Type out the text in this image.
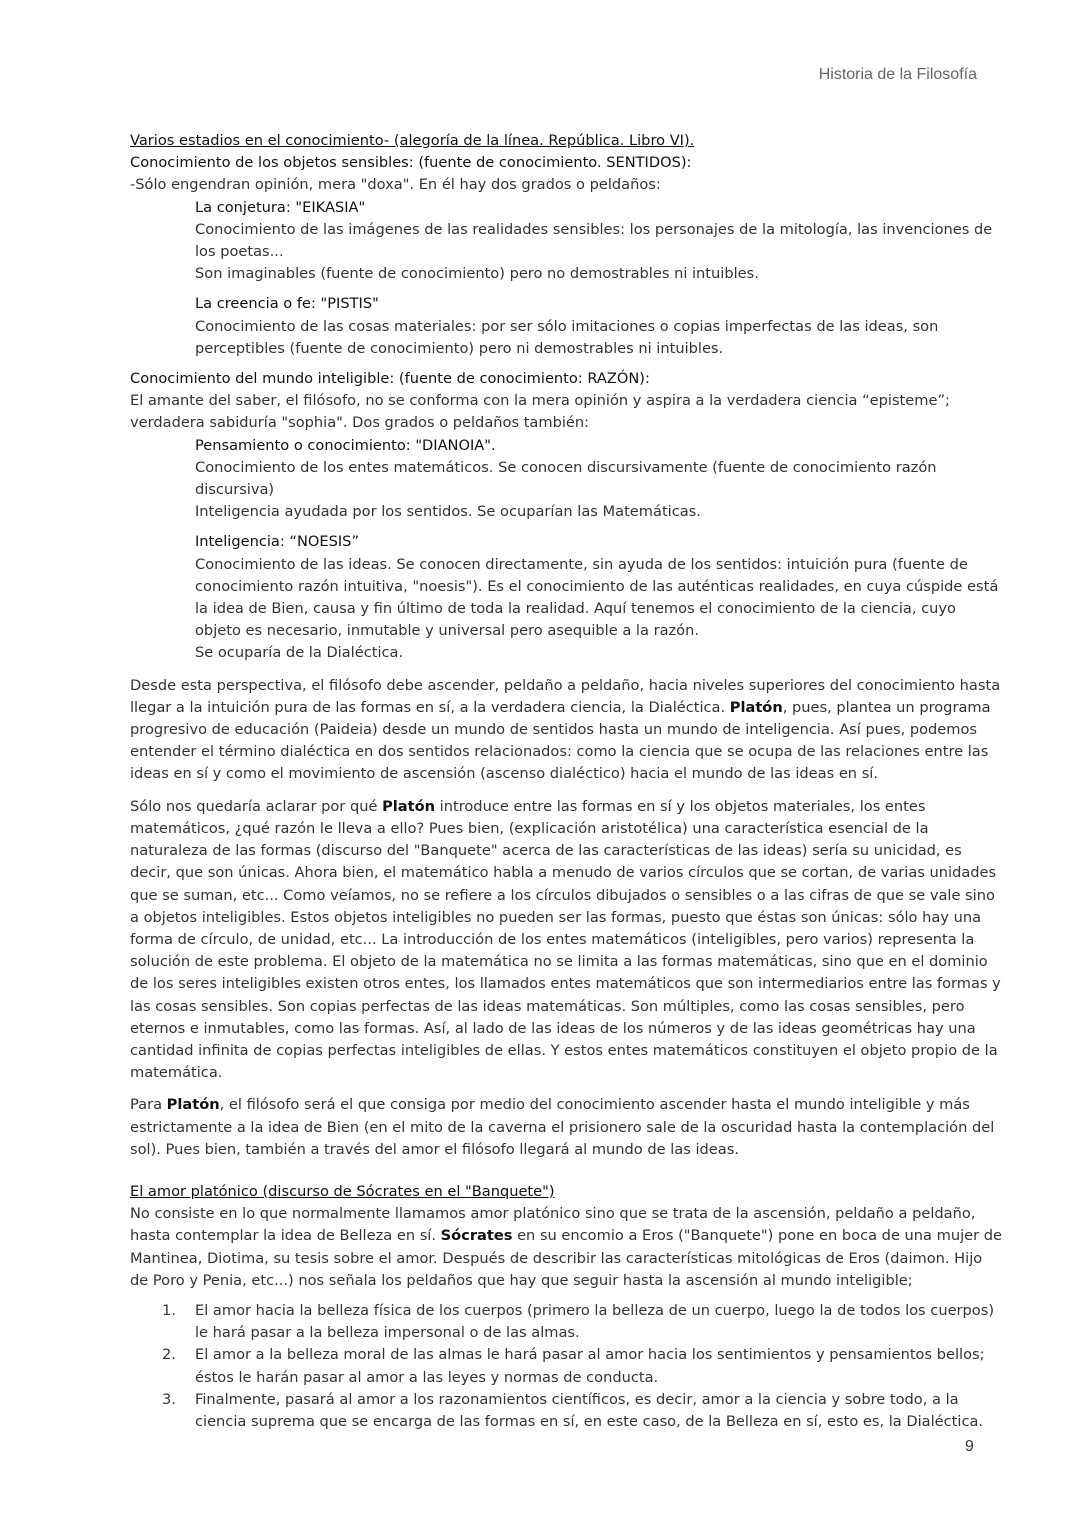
Historia de la Filosofía
Varios estadios en el conocimiento- (alegoría de la línea. República. Libro VI).
Conocimiento de los objetos sensibles: (fuente de conocimiento. SENTIDOS):
-Sólo engendran opinión, mera "doxa". En él hay dos grados o peldaños:
La conjetura: "EIKASIA"
Conocimiento de las imágenes de las realidades sensibles: los personajes de la mitología, las invenciones de los poetas...
Son imaginables (fuente de conocimiento) pero no demostrables ni intuibles.
La creencia o fe: "PISTIS"
Conocimiento de las cosas materiales: por ser sólo imitaciones o copias imperfectas de las ideas, son perceptibles (fuente de conocimiento) pero ni demostrables ni intuibles.
Conocimiento del mundo inteligible: (fuente de conocimiento: RAZÓN):
El amante del saber, el filósofo, no se conforma con la mera opinión y aspira a la verdadera ciencia “episteme”; verdadera sabiduría "sophia". Dos grados o peldaños también:
Pensamiento o conocimiento: "DIANOIA".
Conocimiento de los entes matemáticos. Se conocen discursivamente (fuente de conocimiento razón discursiva)
Inteligencia ayudada por los sentidos. Se ocuparían las Matemáticas.
Inteligencia: “NOESIS”
Conocimiento de las ideas. Se conocen directamente, sin ayuda de los sentidos: intuición pura (fuente de conocimiento razón intuitiva, "noesis"). Es el conocimiento de las auténticas realidades, en cuya cúspide está la idea de Bien, causa y fin último de toda la realidad. Aquí tenemos el conocimiento de la ciencia, cuyo objeto es necesario, inmutable y universal pero asequible a la razón.
Se ocuparía de la Dialéctica.

Desde esta perspectiva, el filósofo debe ascender, peldaño a peldaño, hacia niveles superiores del conocimiento hasta llegar a la intuición pura de las formas en sí, a la verdadera ciencia, la Dialéctica. Platón, pues, plantea un programa progresivo de educación (Paideia) desde un mundo de sentidos hasta un mundo de inteligencia. Así pues, podemos entender el término dialéctica en dos sentidos relacionados: como la ciencia que se ocupa de las relaciones entre las ideas en sí y como el movimiento de ascensión (ascenso dialéctico) hacia el mundo de las ideas en sí.

Sólo nos quedaría aclarar por qué Platón introduce entre las formas en sí y los objetos materiales, los entes matemáticos, ¿qué razón le lleva a ello? Pues bien, (explicación aristotélica) una característica esencial de la naturaleza de las formas (discurso del "Banquete" acerca de las características de las ideas) sería su unicidad, es decir, que son únicas. Ahora bien, el matemático habla a menudo de varios círculos que se cortan, de varias unidades que se suman, etc... Como veíamos, no se refiere a los círculos dibujados o sensibles o a las cifras de que se vale sino a objetos inteligibles. Estos objetos inteligibles no pueden ser las formas, puesto que éstas son únicas: sólo hay una forma de círculo, de unidad, etc... La introducción de los entes matemáticos (inteligibles, pero varios) representa la solución de este problema. El objeto de la matemática no se limita a las formas matemáticas, sino que en el dominio de los seres inteligibles existen otros entes, los llamados entes matemáticos que son intermediarios entre las formas y las cosas sensibles. Son copias perfectas de las ideas matemáticas. Son múltiples, como las cosas sensibles, pero eternos e inmutables, como las formas. Así, al lado de las ideas de los números y de las ideas geométricas hay una cantidad infinita de copias perfectas inteligibles de ellas. Y estos entes matemáticos constituyen el objeto propio de la matemática.

Para Platón, el filósofo será el que consiga por medio del conocimiento ascender hasta el mundo inteligible y más estrictamente a la idea de Bien (en el mito de la caverna el prisionero sale de la oscuridad hasta la contemplación del sol). Pues bien, también a través del amor el filósofo llegará al mundo de las ideas.

El amor platónico (discurso de Sócrates en el "Banquete")
No consiste en lo que normalmente llamamos amor platónico sino que se trata de la ascensión, peldaño a peldaño, hasta contemplar la idea de Belleza en sí. Sócrates en su encomio a Eros ("Banquete") pone en boca de una mujer de Mantinea, Diotima, su tesis sobre el amor. Después de describir las características mitológicas de Eros (daimon. Hijo de Poro y Penia, etc...) nos señala los peldaños que hay que seguir hasta la ascensión al mundo inteligible;
1. El amor hacia la belleza física de los cuerpos (primero la belleza de un cuerpo, luego la de todos los cuerpos) le hará pasar a la belleza impersonal o de las almas.
2. El amor a la belleza moral de las almas le hará pasar al amor hacia los sentimientos y pensamientos bellos; éstos le harán pasar al amor a las leyes y normas de conducta.
3. Finalmente, pasará al amor a los razonamientos científicos, es decir, amor a la ciencia y sobre todo, a la ciencia suprema que se encarga de las formas en sí, en este caso, de la Belleza en sí, esto es, la Dialéctica.
9
